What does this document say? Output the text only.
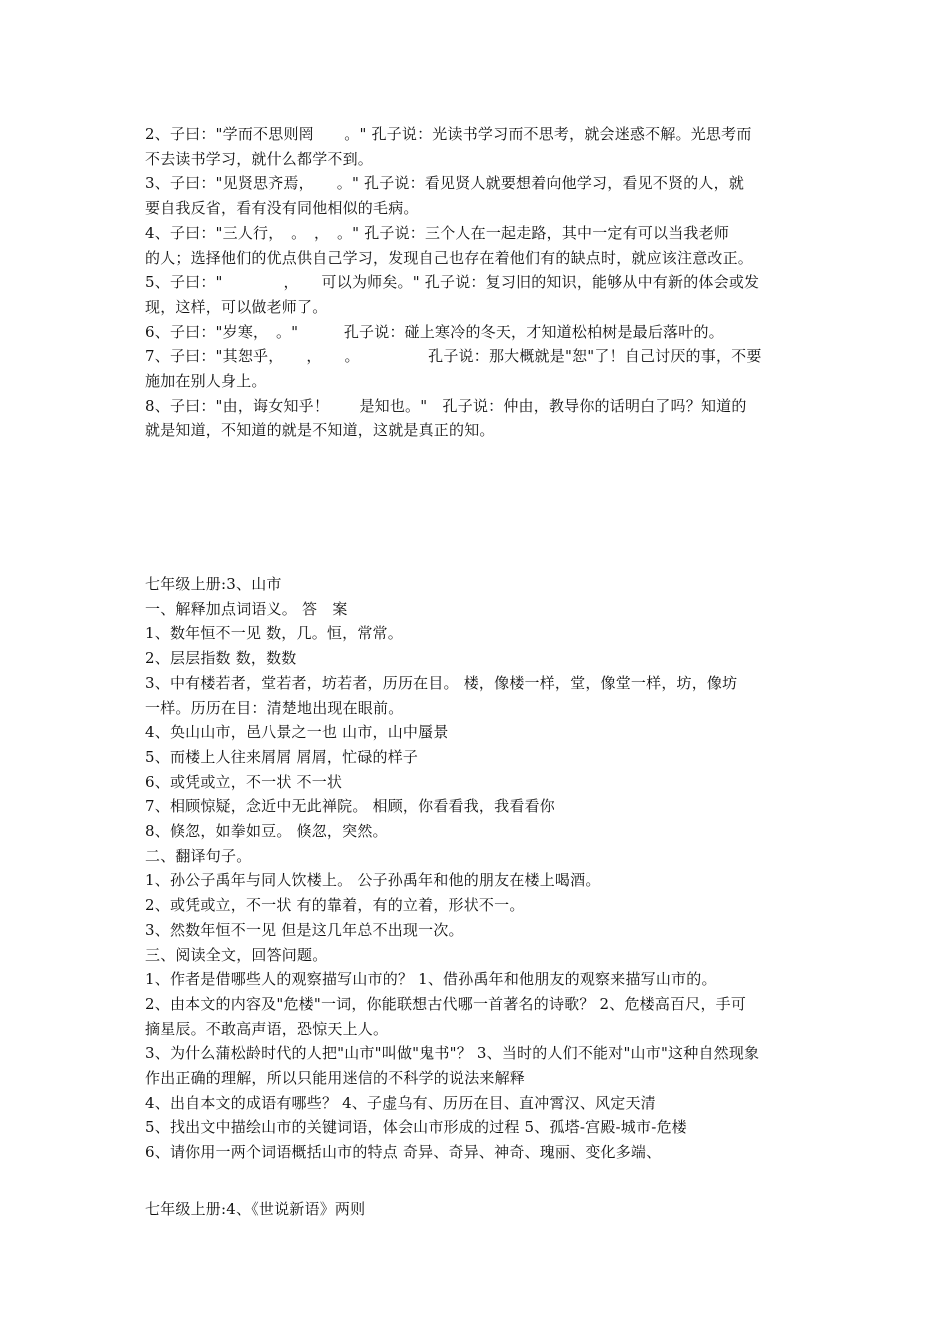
2、子曰："学而不思则罔　　。" 孔子说：光读书学习而不思考，就会迷惑不解。光思考而
不去读书学习，就什么都学不到。
3、子曰："见贤思齐焉，　　。" 孔子说：看见贤人就要想着向他学习，看见不贤的人，就
要自我反省，看有没有同他相似的毛病。
4、子曰："三人行，　。　，　。" 孔子说：三个人在一起走路，其中一定有可以当我老师
的人；选择他们的优点供自己学习，发现自己也存在着他们有的缺点时，就应该注意改正。
5、子曰："　　　　，　　可以为师矣。" 孔子说：复习旧的知识，能够从中有新的体会或发
现，这样，可以做老师了。
6、子曰："岁寒，　。"　　　孔子说：碰上寒冷的冬天，才知道松柏树是最后落叶的。
7、子曰："其恕乎，　　，　　。　　　　　孔子说：那大概就是"恕"了！自己讨厌的事，不要
施加在别人身上。
8、子曰："由，诲女知乎！　　是知也。"　孔子说：仲由，教导你的话明白了吗？知道的
就是知道，不知道的就是不知道，这就是真正的知。
七年级上册:3、山市
一、解释加点词语义。 答　案
1、数年恒不一见 数，几。恒，常常。
2、层层指数 数，数数
3、中有楼若者，堂若者，坊若者，历历在目。 楼，像楼一样，堂，像堂一样，坊，像坊
一样。历历在目：清楚地出现在眼前。
4、奂山山市，邑八景之一也 山市，山中蜃景
5、而楼上人往来屑屑 屑屑，忙碌的样子
6、或凭或立，不一状 不一状
7、相顾惊疑，念近中无此禅院。 相顾，你看看我，我看看你
8、倏忽，如拳如豆。 倏忽，突然。
二、翻译句子。
1、孙公子禹年与同人饮楼上。 公子孙禹年和他的朋友在楼上喝酒。
2、或凭或立，不一状 有的靠着，有的立着，形状不一。
3、然数年恒不一见 但是这几年总不出现一次。
三、阅读全文，回答问题。
1、作者是借哪些人的观察描写山市的？ 1、借孙禹年和他朋友的观察来描写山市的。
2、由本文的内容及"危楼"一词，你能联想古代哪一首著名的诗歌？ 2、危楼高百尺，手可
摘星辰。不敢高声语，恐惊天上人。
3、为什么蒲松龄时代的人把"山市"叫做"鬼书"？ 3、当时的人们不能对"山市"这种自然现象
作出正确的理解，所以只能用迷信的不科学的说法来解释
4、出自本文的成语有哪些？ 4、子虚乌有、历历在目、直冲霄汉、风定天清
5、找出文中描绘山市的关键词语，体会山市形成的过程 5、孤塔-宫殿-城市-危楼
6、请你用一两个词语概括山市的特点 奇异、奇异、神奇、瑰丽、变化多端、
七年级上册:4、《世说新语》两则
